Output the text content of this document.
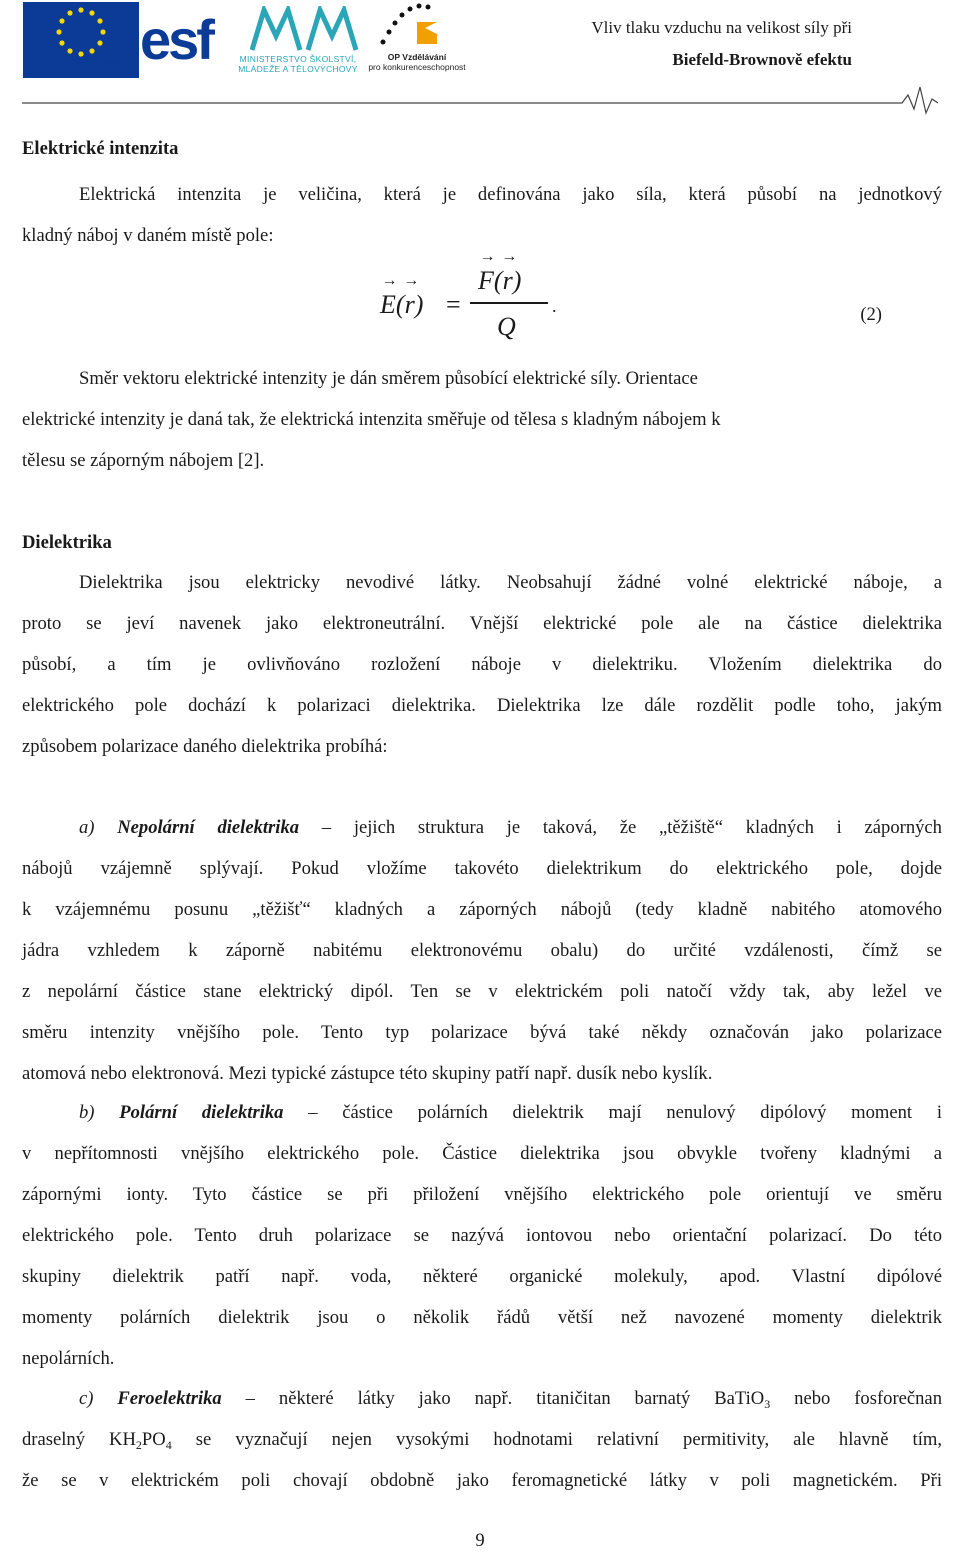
EVROPSKÁ UNIE esf	MINISTERSTVO ŠKOLSTVÍ,
MLÁDEŽE A TĚLOVÝCHOVY
OP Vzdělávání
pro konkurenceschopnost
Vliv tlaku vzduchu na velikost síly při
Biefeld-Brownově efektu
Elektrické intenzita
Elektrická intenzita je veličina, která je definována jako síla, která působí na jednotkový
kladný náboj v daném místě pole:
→ E(→ r) =
→ F(→ r)
Q
.	(2)
Směr vektoru elektrické intenzity je dán směrem působící elektrické síly. Orientace
elektrické intenzity je daná tak, že elektrická intenzita směřuje od tělesa s kladným nábojem k
tělesu se záporným nábojem [2].
Dielektrika
Dielektrika jsou elektricky nevodivé látky. Neobsahují žádné volné elektrické náboje, a
proto se jeví navenek jako elektroneutrální. Vnější elektrické pole ale na částice dielektrika
působí, a tím je ovlivňováno rozložení náboje v dielektriku. Vložením dielektrika do
elektrického pole dochází k polarizaci dielektrika. Dielektrika lze dále rozdělit podle toho, jakým
způsobem polarizace daného dielektrika probíhá:
a) Nepolární dielektrika – jejich struktura je taková, že „těžiště“ kladných i záporných
nábojů vzájemně splývají. Pokud vložíme takovéto dielektrikum do elektrického pole, dojde
k vzájemnému posunu „těžišť“ kladných a záporných nábojů (tedy kladně nabitého atomového
jádra vzhledem k záporně nabitému elektronovému obalu) do určité vzdálenosti, čímž se
z nepolární částice stane elektrický dipól. Ten se v elektrickém poli natočí vždy tak, aby ležel ve
směru intenzity vnějšího pole. Tento typ polarizace bývá také někdy označován jako polarizace
atomová nebo elektronová. Mezi typické zástupce této skupiny patří např. dusík nebo kyslík.
b) Polární dielektrika – částice polárních dielektrik mají nenulový dipólový moment i
v nepřítomnosti vnějšího elektrického pole. Částice dielektrika jsou obvykle tvořeny kladnými a
zápornými ionty. Tyto částice se při přiložení vnějšího elektrického pole orientují ve směru
elektrického pole. Tento druh polarizace se nazývá iontovou nebo orientační polarizací. Do této
skupiny dielektrik patří např. voda, některé organické molekuly, apod. Vlastní dipólové
momenty polárních dielektrik jsou o několik řádů větší než navozené momenty dielektrik
nepolárních.
c) Feroelektrika – některé látky jako např. titaničitan barnatý BaTiO$_3$ nebo fosforečnan
draselný $KH_2PO_4$ se vyznačují nejen vysokými hodnotami relativní permitivity, ale hlavně tím,
že se v elektrickém poli chovají obdobně jako feromagnetické látky v poli magnetickém. Při
9
